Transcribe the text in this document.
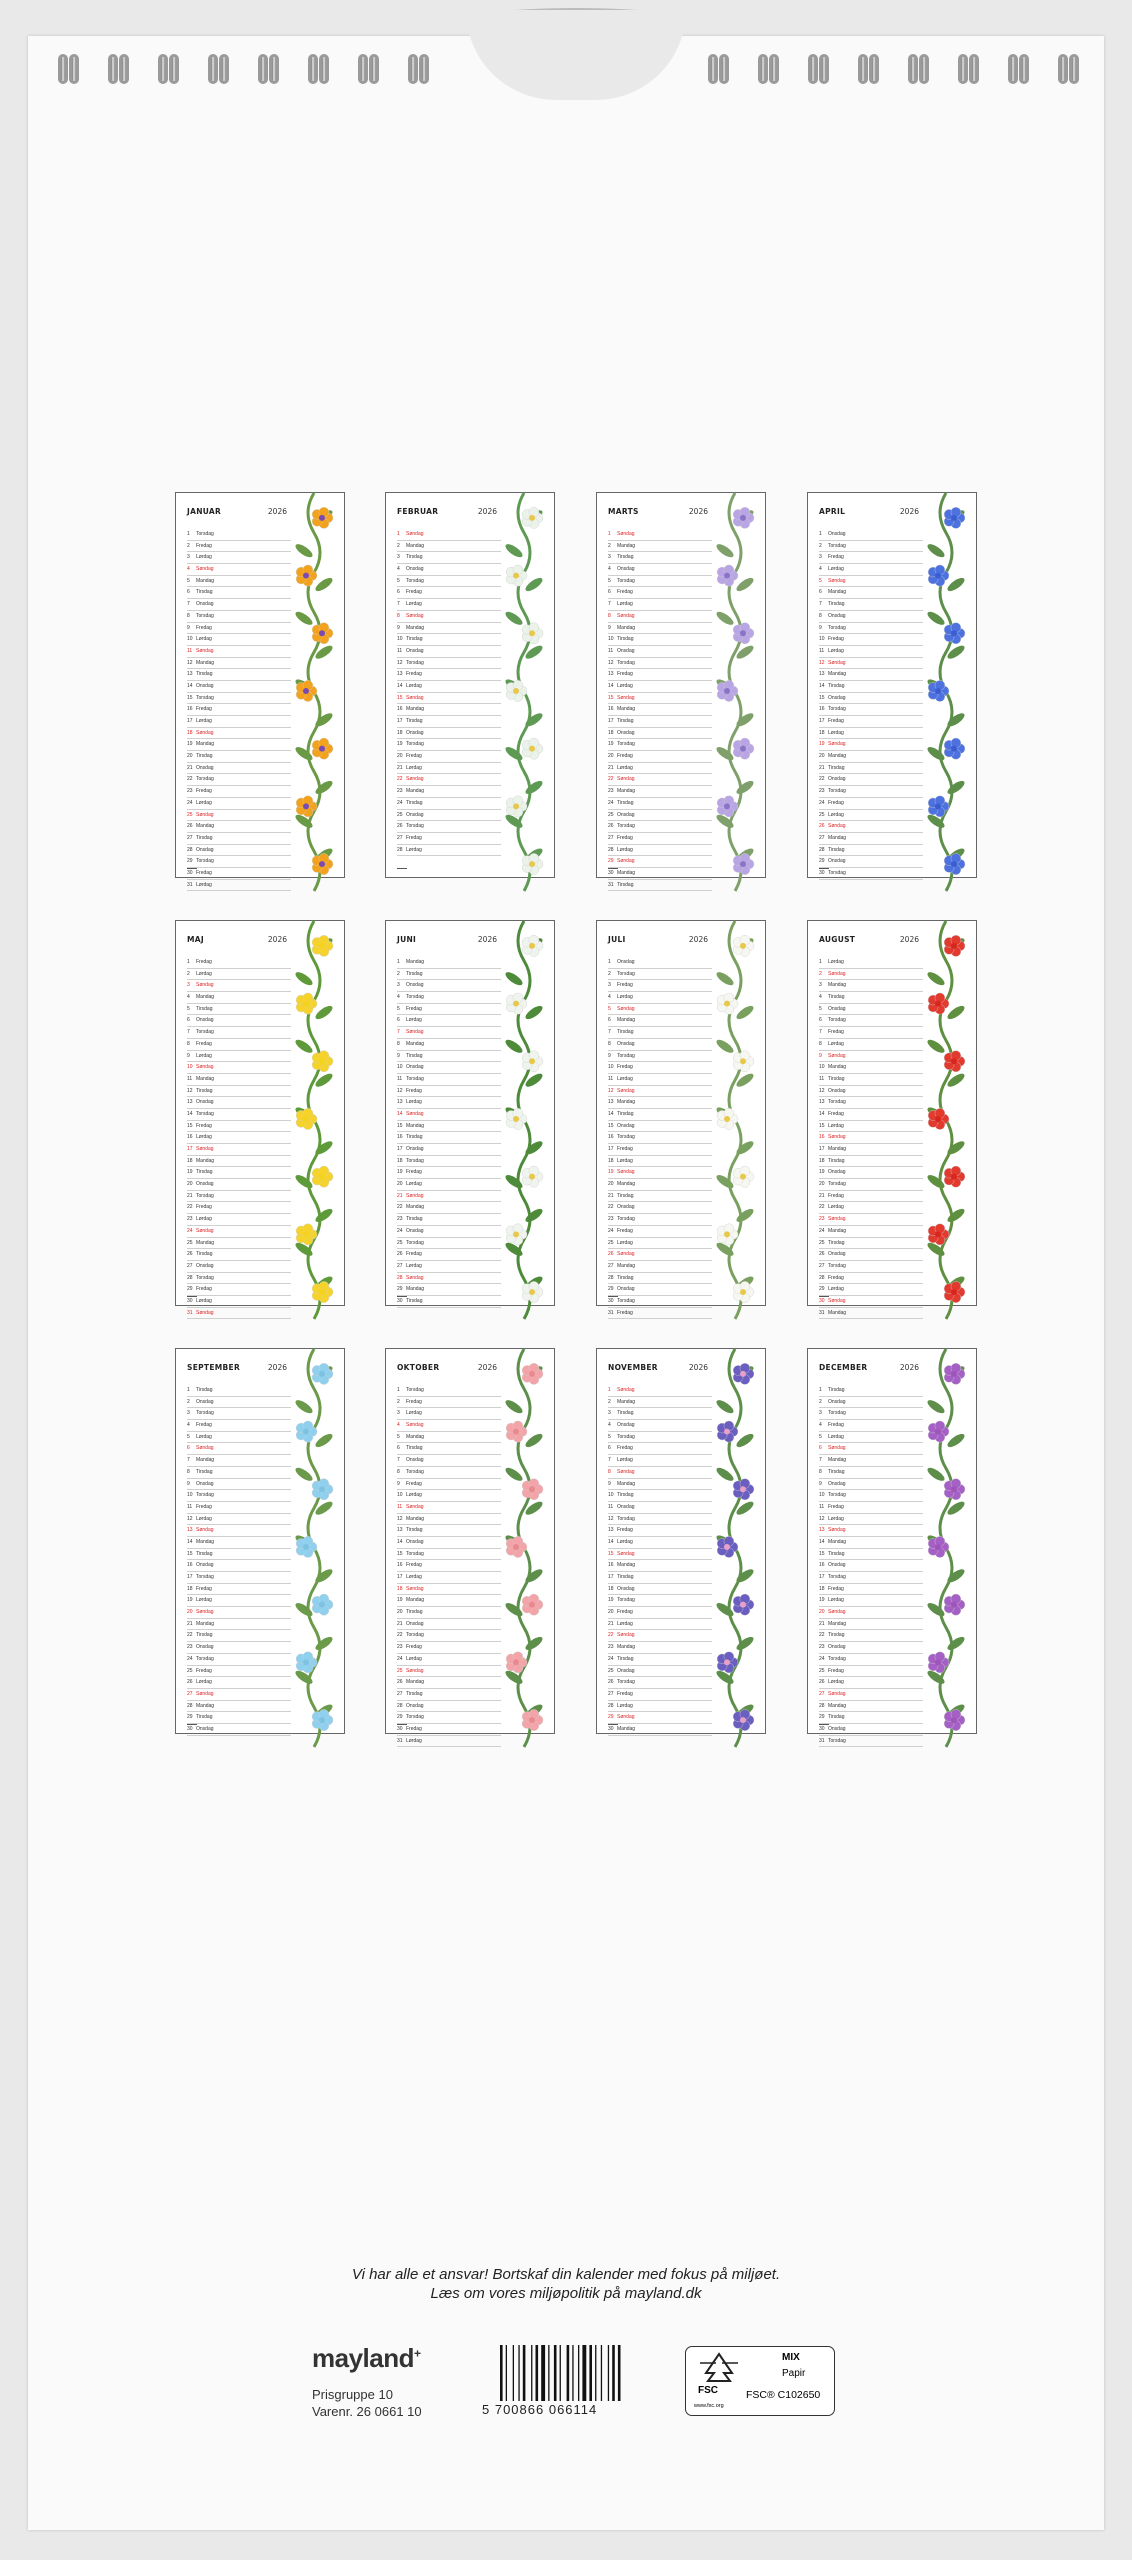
JANUAR	2026
1 Torsdag
2 Fredag
3 Lørdag
4 Søndag
5 Mandag
6 Tirsdag
7 Onsdag
8 Torsdag
9 Fredag
10 Lørdag
11 Søndag
12 Mandag
13 Tirsdag
14 Onsdag
15 Torsdag
16 Fredag
17 Lørdag
18 Søndag
19 Mandag
20 Tirsdag
21 Onsdag
22 Torsdag
23 Fredag
24 Lørdag
25 Søndag
26 Mandag
27 Tirsdag
28 Onsdag
29 Torsdag
30 Fredag
31 Lørdag
FEBRUAR	2026
1 Søndag
2 Mandag
3 Tirsdag
4 Onsdag
5 Torsdag
6 Fredag
7 Lørdag
8 Søndag
9 Mandag
10 Tirsdag
11 Onsdag
12 Torsdag
13 Fredag
14 Lørdag
15 Søndag
16 Mandag
17 Tirsdag
18 Onsdag
19 Torsdag
20 Fredag
21 Lørdag
22 Søndag
23 Mandag
24 Tirsdag
25 Onsdag
26 Torsdag
27 Fredag
28 Lørdag
MARTS	2026
1 Søndag
2 Mandag
3 Tirsdag
4 Onsdag
5 Torsdag
6 Fredag
7 Lørdag
8 Søndag
9 Mandag
10 Tirsdag
11 Onsdag
12 Torsdag
13 Fredag
14 Lørdag
15 Søndag
16 Mandag
17 Tirsdag
18 Onsdag
19 Torsdag
20 Fredag
21 Lørdag
22 Søndag
23 Mandag
24 Tirsdag
25 Onsdag
26 Torsdag
27 Fredag
28 Lørdag
29 Søndag
30 Mandag
31 Tirsdag
APRIL	2026
1 Onsdag
2 Torsdag
3 Fredag
4 Lørdag
5 Søndag
6 Mandag
7 Tirsdag
8 Onsdag
9 Torsdag
10 Fredag
11 Lørdag
12 Søndag
13 Mandag
14 Tirsdag
15 Onsdag
16 Torsdag
17 Fredag
18 Lørdag
19 Søndag
20 Mandag
21 Tirsdag
22 Onsdag
23 Torsdag
24 Fredag
25 Lørdag
26 Søndag
27 Mandag
28 Tirsdag
29 Onsdag
30 Torsdag
MAJ	2026
1 Fredag
2 Lørdag
3 Søndag
4 Mandag
5 Tirsdag
6 Onsdag
7 Torsdag
8 Fredag
9 Lørdag
10 Søndag
11 Mandag
12 Tirsdag
13 Onsdag
14 Torsdag
15 Fredag
16 Lørdag
17 Søndag
18 Mandag
19 Tirsdag
20 Onsdag
21 Torsdag
22 Fredag
23 Lørdag
24 Søndag
25 Mandag
26 Tirsdag
27 Onsdag
28 Torsdag
29 Fredag
30 Lørdag
31 Søndag
JUNI	2026
1 Mandag
2 Tirsdag
3 Onsdag
4 Torsdag
5 Fredag
6 Lørdag
7 Søndag
8 Mandag
9 Tirsdag
10 Onsdag
11 Torsdag
12 Fredag
13 Lørdag
14 Søndag
15 Mandag
16 Tirsdag
17 Onsdag
18 Torsdag
19 Fredag
20 Lørdag
21 Søndag
22 Mandag
23 Tirsdag
24 Onsdag
25 Torsdag
26 Fredag
27 Lørdag
28 Søndag
29 Mandag
30 Tirsdag
JULI	2026
1 Onsdag
2 Torsdag
3 Fredag
4 Lørdag
5 Søndag
6 Mandag
7 Tirsdag
8 Onsdag
9 Torsdag
10 Fredag
11 Lørdag
12 Søndag
13 Mandag
14 Tirsdag
15 Onsdag
16 Torsdag
17 Fredag
18 Lørdag
19 Søndag
20 Mandag
21 Tirsdag
22 Onsdag
23 Torsdag
24 Fredag
25 Lørdag
26 Søndag
27 Mandag
28 Tirsdag
29 Onsdag
30 Torsdag
31 Fredag
AUGUST	2026
1 Lørdag
2 Søndag
3 Mandag
4 Tirsdag
5 Onsdag
6 Torsdag
7 Fredag
8 Lørdag
9 Søndag
10 Mandag
11 Tirsdag
12 Onsdag
13 Torsdag
14 Fredag
15 Lørdag
16 Søndag
17 Mandag
18 Tirsdag
19 Onsdag
20 Torsdag
21 Fredag
22 Lørdag
23 Søndag
24 Mandag
25 Tirsdag
26 Onsdag
27 Torsdag
28 Fredag
29 Lørdag
30 Søndag
31 Mandag
SEPTEMBER	2026
1 Tirsdag
2 Onsdag
3 Torsdag
4 Fredag
5 Lørdag
6 Søndag
7 Mandag
8 Tirsdag
9 Onsdag
10 Torsdag
11 Fredag
12 Lørdag
13 Søndag
14 Mandag
15 Tirsdag
16 Onsdag
17 Torsdag
18 Fredag
19 Lørdag
20 Søndag
21 Mandag
22 Tirsdag
23 Onsdag
24 Torsdag
25 Fredag
26 Lørdag
27 Søndag
28 Mandag
29 Tirsdag
30 Onsdag
OKTOBER	2026
1 Torsdag
2 Fredag
3 Lørdag
4 Søndag
5 Mandag
6 Tirsdag
7 Onsdag
8 Torsdag
9 Fredag
10 Lørdag
11 Søndag
12 Mandag
13 Tirsdag
14 Onsdag
15 Torsdag
16 Fredag
17 Lørdag
18 Søndag
19 Mandag
20 Tirsdag
21 Onsdag
22 Torsdag
23 Fredag
24 Lørdag
25 Søndag
26 Mandag
27 Tirsdag
28 Onsdag
29 Torsdag
30 Fredag
31 Lørdag
NOVEMBER	2026
1 Søndag
2 Mandag
3 Tirsdag
4 Onsdag
5 Torsdag
6 Fredag
7 Lørdag
8 Søndag
9 Mandag
10 Tirsdag
11 Onsdag
12 Torsdag
13 Fredag
14 Lørdag
15 Søndag
16 Mandag
17 Tirsdag
18 Onsdag
19 Torsdag
20 Fredag
21 Lørdag
22 Søndag
23 Mandag
24 Tirsdag
25 Onsdag
26 Torsdag
27 Fredag
28 Lørdag
29 Søndag
30 Mandag
DECEMBER	2026
1 Tirsdag
2 Onsdag
3 Torsdag
4 Fredag
5 Lørdag
6 Søndag
7 Mandag
8 Tirsdag
9 Onsdag
10 Torsdag
11 Fredag
12 Lørdag
13 Søndag
14 Mandag
15 Tirsdag
16 Onsdag
17 Torsdag
18 Fredag
19 Lørdag
20 Søndag
21 Mandag
22 Tirsdag
23 Onsdag
24 Torsdag
25 Fredag
26 Lørdag
27 Søndag
28 Mandag
29 Tirsdag
30 Onsdag
31 Torsdag
Vi har alle et ansvar! Bortskaf din kalender med fokus på miljøet.
Læs om vores miljøpolitik på mayland.dk
mayland+
Prisgruppe 10
Varenr. 26 0661 10	5 700866 066114
FSC
www.fsc.org
MIX
Papir
FSC® C102650
